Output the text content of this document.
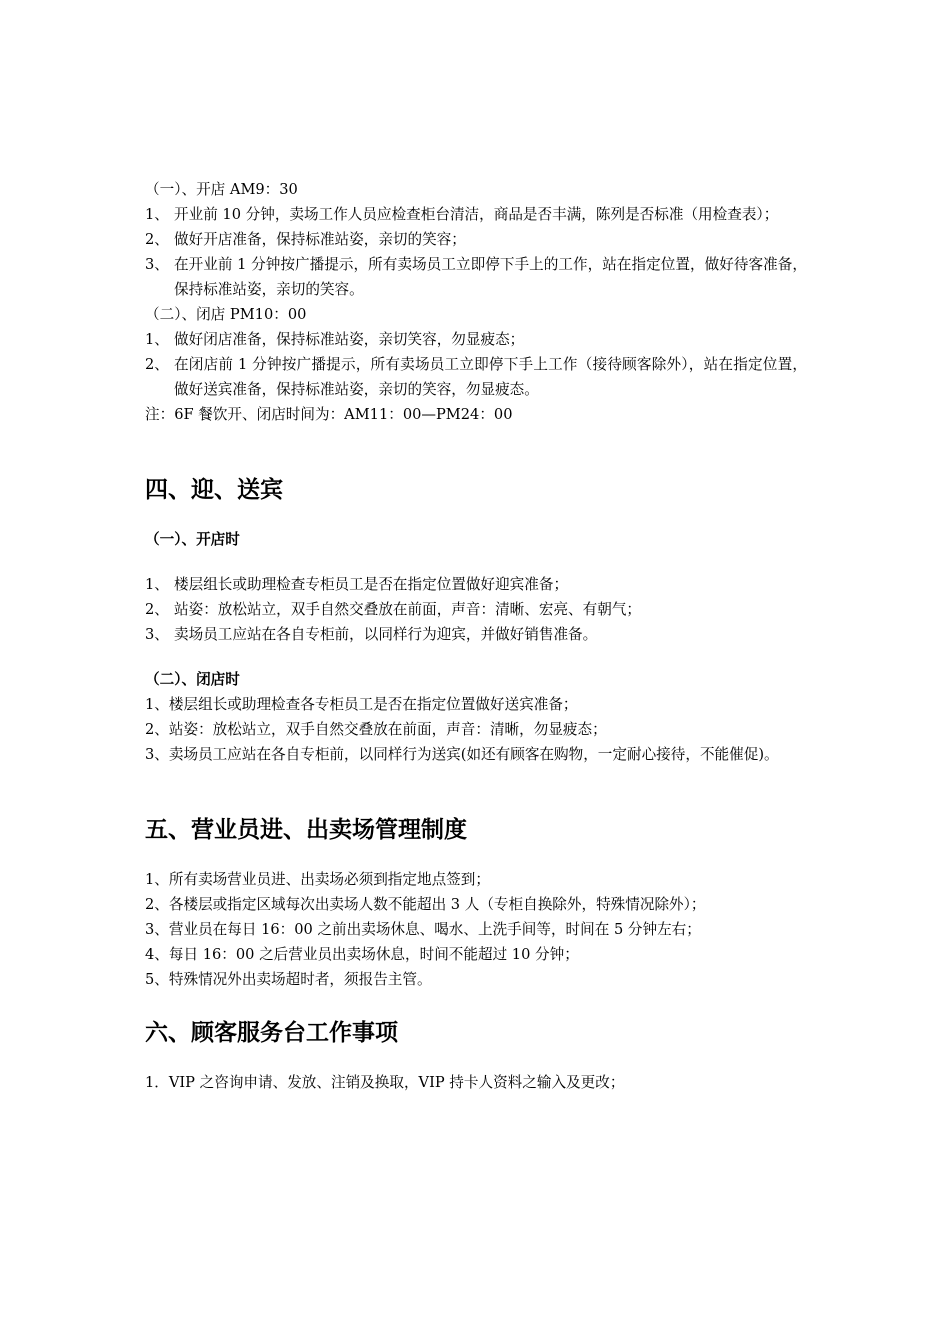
（一）、开店 AM9：30
1、 开业前 10 分钟，卖场工作人员应检查柜台清洁，商品是否丰满，陈列是否标准（用检查表）；
2、 做好开店准备，保持标准站姿，亲切的笑容；
3、 在开业前 1 分钟按广播提示，所有卖场员工立即停下手上的工作，站在指定位置，做好待客准备，保持标准站姿，亲切的笑容。
（二）、闭店 PM10：00
1、 做好闭店准备，保持标准站姿，亲切笑容，勿显疲态；
2、 在闭店前 1 分钟按广播提示，所有卖场员工立即停下手上工作（接待顾客除外），站在指定位置，做好送宾准备，保持标准站姿，亲切的笑容，勿显疲态。
注：6F 餐饮开、闭店时间为：AM11：00—PM24：00
四、迎、送宾
（一）、开店时
1、 楼层组长或助理检查专柜员工是否在指定位置做好迎宾准备；
2、 站姿：放松站立，双手自然交叠放在前面，声音：清晰、宏亮、有朝气；
3、 卖场员工应站在各自专柜前，以同样行为迎宾，并做好销售准备。
（二）、闭店时
1、楼层组长或助理检查各专柜员工是否在指定位置做好送宾准备；
2、站姿：放松站立，双手自然交叠放在前面，声音：清晰，勿显疲态；
3、卖场员工应站在各自专柜前，以同样行为送宾(如还有顾客在购物，一定耐心接待，不能催促)。
五、营业员进、出卖场管理制度
1、所有卖场营业员进、出卖场必须到指定地点签到；
2、各楼层或指定区域每次出卖场人数不能超出 3 人（专柜自换除外，特殊情况除外）；
3、营业员在每日 16：00 之前出卖场休息、喝水、上洗手间等，时间在 5 分钟左右；
4、每日 16：00 之后营业员出卖场休息，时间不能超过 10 分钟；
5、特殊情况外出卖场超时者，须报告主管。
六、顾客服务台工作事项
1．VIP 之咨询申请、发放、注销及换取，VIP 持卡人资料之输入及更改；
